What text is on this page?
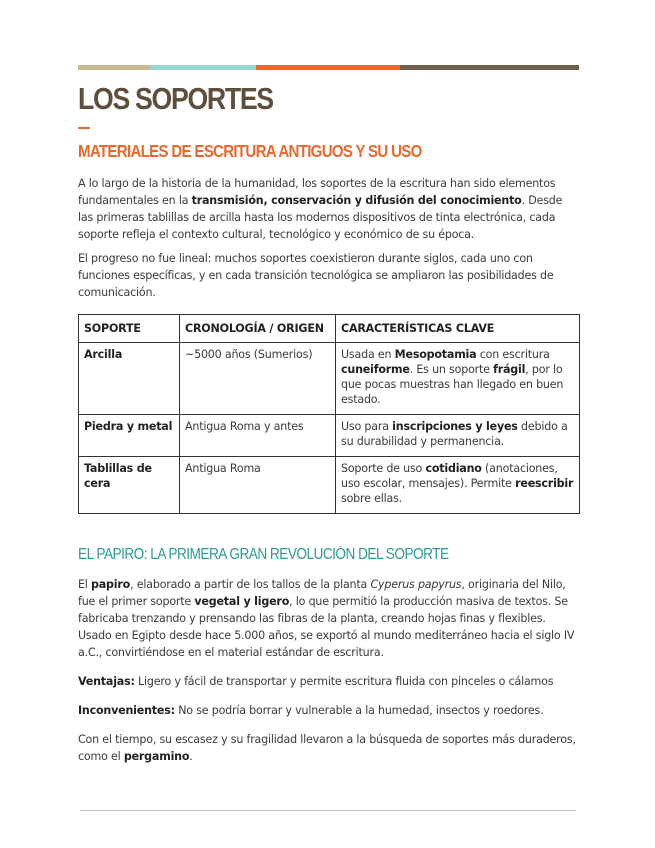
LOS SOPORTES
MATERIALES DE ESCRITURA ANTIGUOS Y SU USO

A lo largo de la historia de la humanidad, los soportes de la escritura han sido elementos fundamentales en la transmisión, conservación y difusión del conocimiento. Desde las primeras tablillas de arcilla hasta los modernos dispositivos de tinta electrónica, cada soporte refleja el contexto cultural, tecnológico y económico de su época.

El progreso no fue lineal: muchos soportes coexistieron durante siglos, cada uno con funciones específicas, y en cada transición tecnológica se ampliaron las posibilidades de comunicación.

SOPORTE	CRONOLOGÍA / ORIGEN	CARACTERÍSTICAS CLAVE
Arcilla	~5000 años (Sumerios)	Usada en Mesopotamia con escritura cuneiforme. Es un soporte frágil, por lo que pocas muestras han llegado en buen estado.
Piedra y metal	Antigua Roma y antes	Uso para inscripciones y leyes debido a su durabilidad y permanencia.
Tablillas de cera	Antigua Roma	Soporte de uso cotidiano (anotaciones, uso escolar, mensajes). Permite reescribir sobre ellas.
EL PAPIRO: LA PRIMERA GRAN REVOLUCIÓN DEL SOPORTE

El papiro, elaborado a partir de los tallos de la planta Cyperus papyrus, originaria del Nilo, fue el primer soporte vegetal y ligero, lo que permitió la producción masiva de textos. Se fabricaba trenzando y prensando las fibras de la planta, creando hojas finas y flexibles. Usado en Egipto desde hace 5.000 años, se exportó al mundo mediterráneo hacia el siglo IV a.C., convirtiéndose en el material estándar de escritura.

Ventajas: Ligero y fácil de transportar y permite escritura fluida con pinceles o cálamos

Inconvenientes: No se podría borrar y vulnerable a la humedad, insectos y roedores.

Con el tiempo, su escasez y su fragilidad llevaron a la búsqueda de soportes más duraderos, como el pergamino.
